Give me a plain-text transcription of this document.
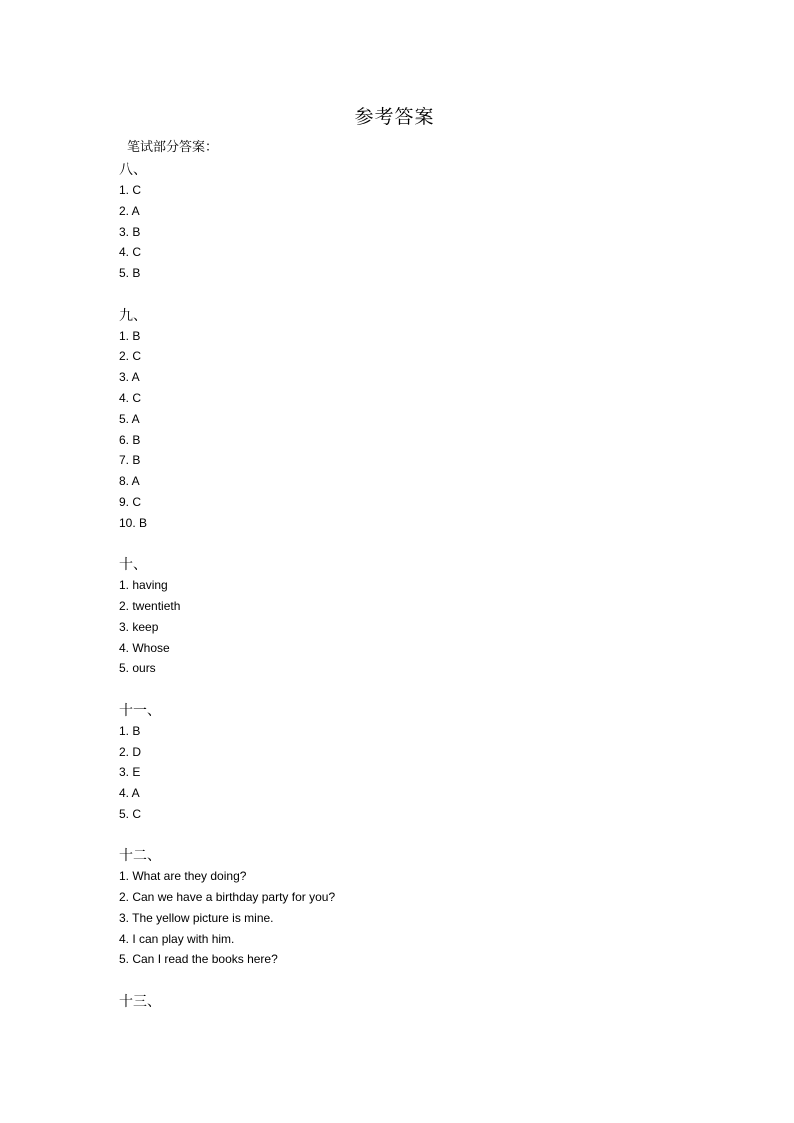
参考答案
笔试部分答案：
八、
1. C
2. A
3. B
4. C
5. B
九、
1. B
2. C
3. A
4. C
5. A
6. B
7. B
8. A
9. C
10. B
十、
1. having
2. twentieth
3. keep
4. Whose
5. ours
十一、
1. B
2. D
3. E
4. A
5. C
十二、
1. What are they doing?
2. Can we have a birthday party for you?
3. The yellow picture is mine.
4. I can play with him.
5. Can I read the books here?
十三、
